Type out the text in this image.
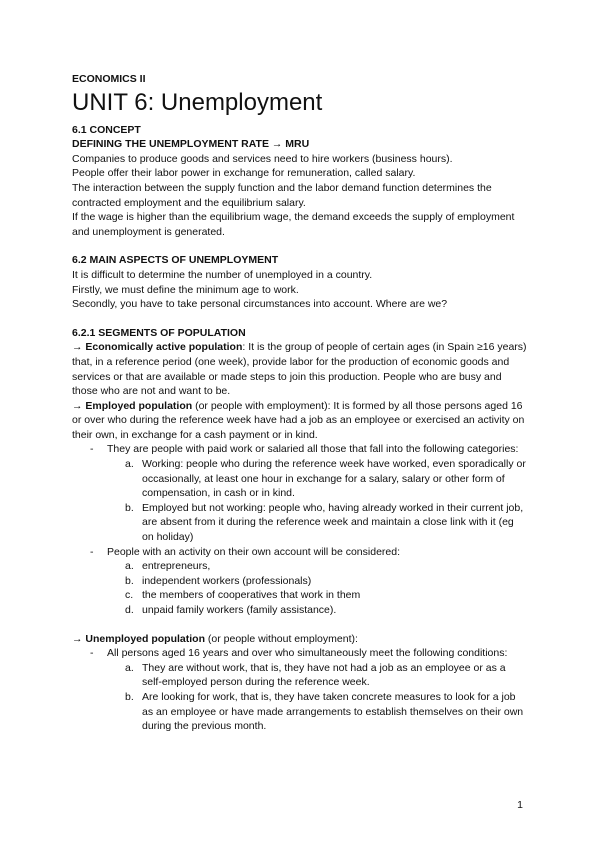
ECONOMICS II
UNIT 6: Unemployment

6.1 CONCEPT

DEFINING THE UNEMPLOYMENT RATE → MRU

Companies to produce goods and services need to hire workers (business hours).

People offer their labor power in exchange for remuneration, called salary.

The interaction between the supply function and the labor demand function determines the contracted employment and the equilibrium salary.

If the wage is higher than the equilibrium wage, the demand exceeds the supply of employment and unemployment is generated.

6.2 MAIN ASPECTS OF UNEMPLOYMENT

It is difficult to determine the number of unemployed in a country.

Firstly, we must define the minimum age to work.

Secondly, you have to take personal circumstances into account. Where are we?

6.2.1 SEGMENTS OF POPULATION

→ Economically active population: It is the group of people of certain ages (in Spain ≥16 years) that, in a reference period (one week), provide labor for the production of economic goods and services or that are available or made steps to join this production. People who are busy and those who are not and want to be.

→ Employed population (or people with employment): It is formed by all those persons aged 16 or over who during the reference week have had a job as an employee or exercised an activity on their own, in exchange for a cash payment or in kind.

- They are people with paid work or salaried all those that fall into the following categories:
a. Working: people who during the reference week have worked, even sporadically or occasionally, at least one hour in exchange for a salary, salary or other form of compensation, in cash or in kind.
b. Employed but not working: people who, having already worked in their current job, are absent from it during the reference week and maintain a close link with it (eg on holiday)
- People with an activity on their own account will be considered:
a. entrepreneurs,
b. independent workers (professionals)
c. the members of cooperatives that work in them
d. unpaid family workers (family assistance).

→ Unemployed population (or people without employment):

- All persons aged 16 years and over who simultaneously meet the following conditions:
a. They are without work, that is, they have not had a job as an employee or as a self-employed person during the reference week.
b. Are looking for work, that is, they have taken concrete measures to look for a job as an employee or have made arrangements to establish themselves on their own during the previous month.
1
